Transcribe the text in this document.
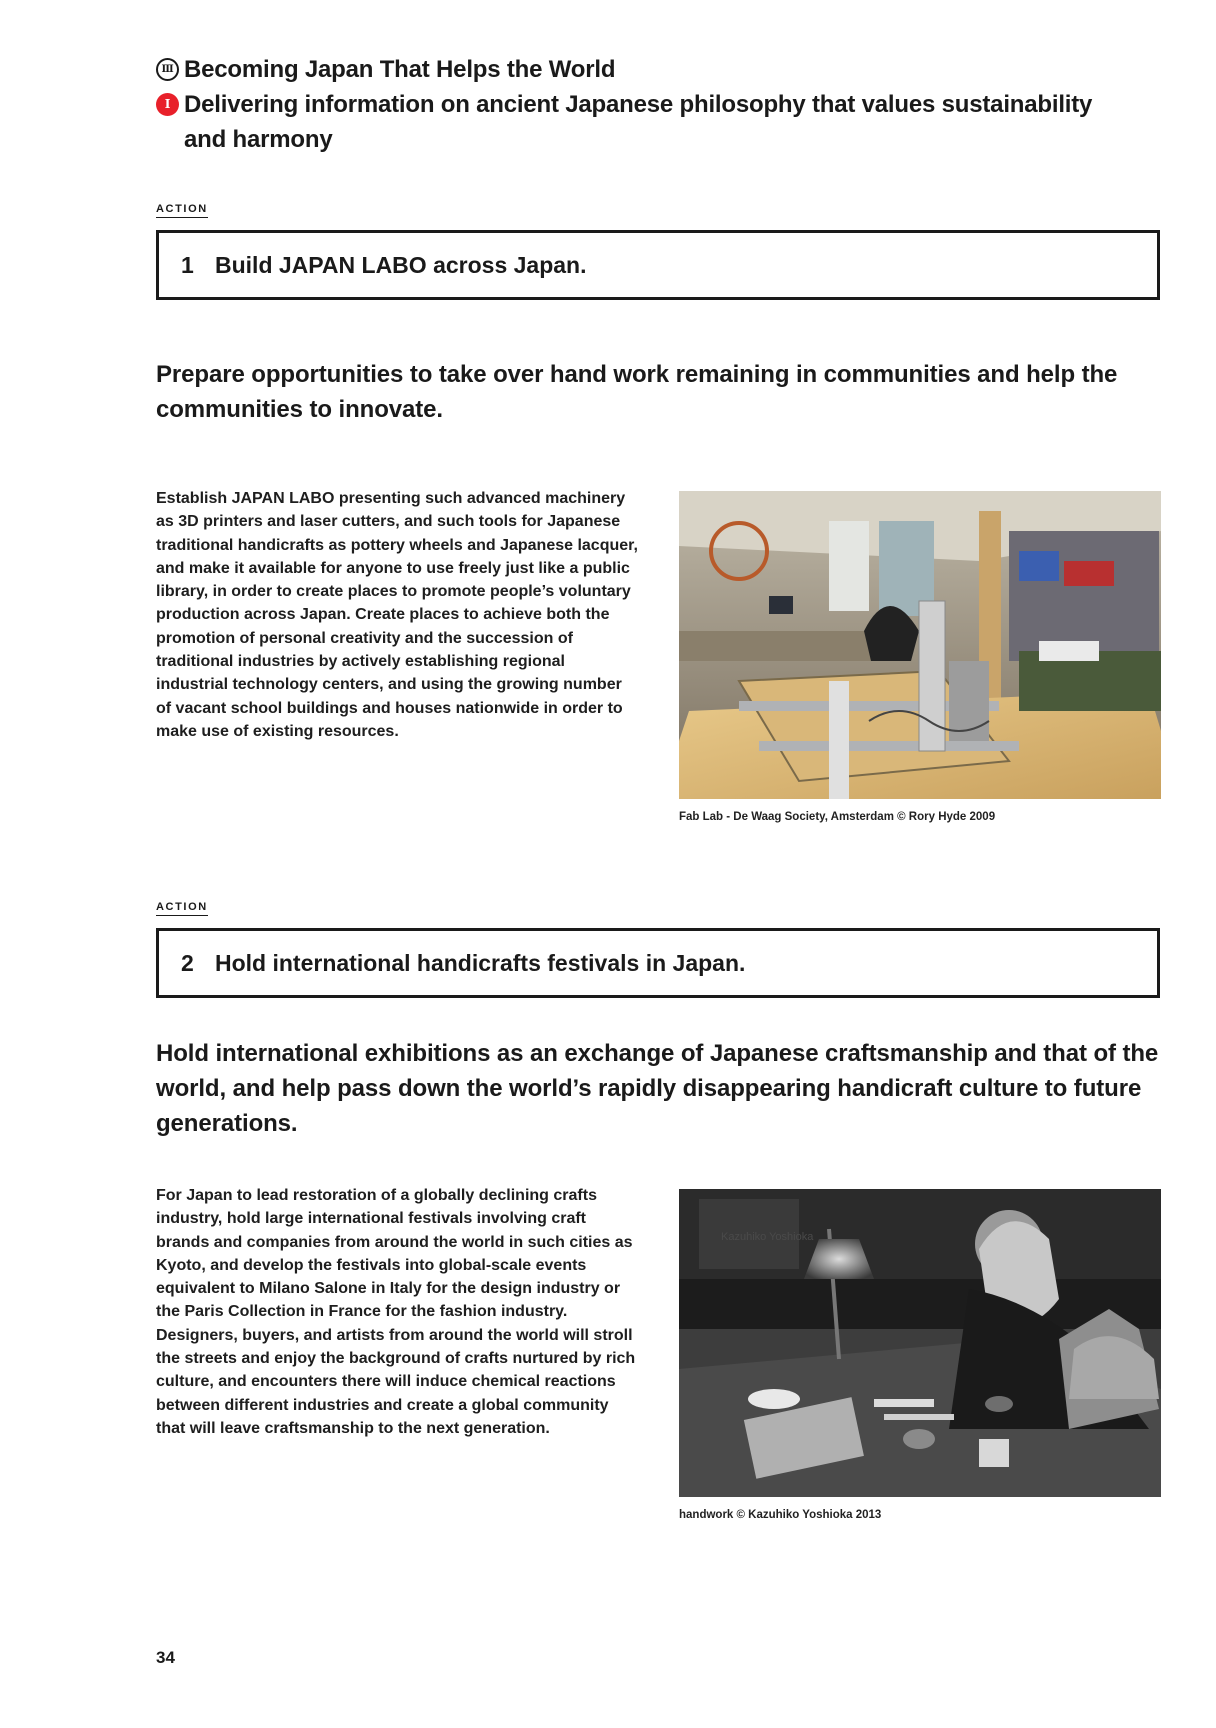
Ⅲ Becoming Japan That Helps the World
I Delivering information on ancient Japanese philosophy that values sustainability and harmony
ACTION
1 Build JAPAN LABO across Japan.
Prepare opportunities to take over hand work remaining in communities and help the communities to innovate.
Establish JAPAN LABO presenting such advanced machinery as 3D printers and laser cutters, and such tools for Japanese traditional handicrafts as pottery wheels and Japanese lacquer, and make it available for anyone to use freely just like a public library, in order to create places to promote people’s voluntary production across Japan. Create places to achieve both the promotion of personal creativity and the succession of traditional industries by actively establishing regional industrial technology centers, and using the growing number of vacant school buildings and houses nationwide in order to make use of existing resources.
Fab Lab - De Waag Society, Amsterdam © Rory Hyde 2009
ACTION
2 Hold international handicrafts festivals in Japan.
Hold international exhibitions as an exchange of Japanese craftsmanship and that of the world, and help pass down the world’s rapidly disappearing handicraft culture to future generations.
For Japan to lead restoration of a globally declining crafts industry, hold large international festivals involving craft brands and companies from around the world in such cities as Kyoto, and develop the festivals into global-scale events equivalent to Milano Salone in Italy for the design industry or the Paris Collection in France for the fashion industry. Designers, buyers, and artists from around the world will stroll the streets and enjoy the background of crafts nurtured by rich culture, and encounters there will induce chemical reactions between different industries and create a global community that will leave craftsmanship to the next generation.
Kazuhiko Yoshioka
handwork © Kazuhiko Yoshioka 2013
34
